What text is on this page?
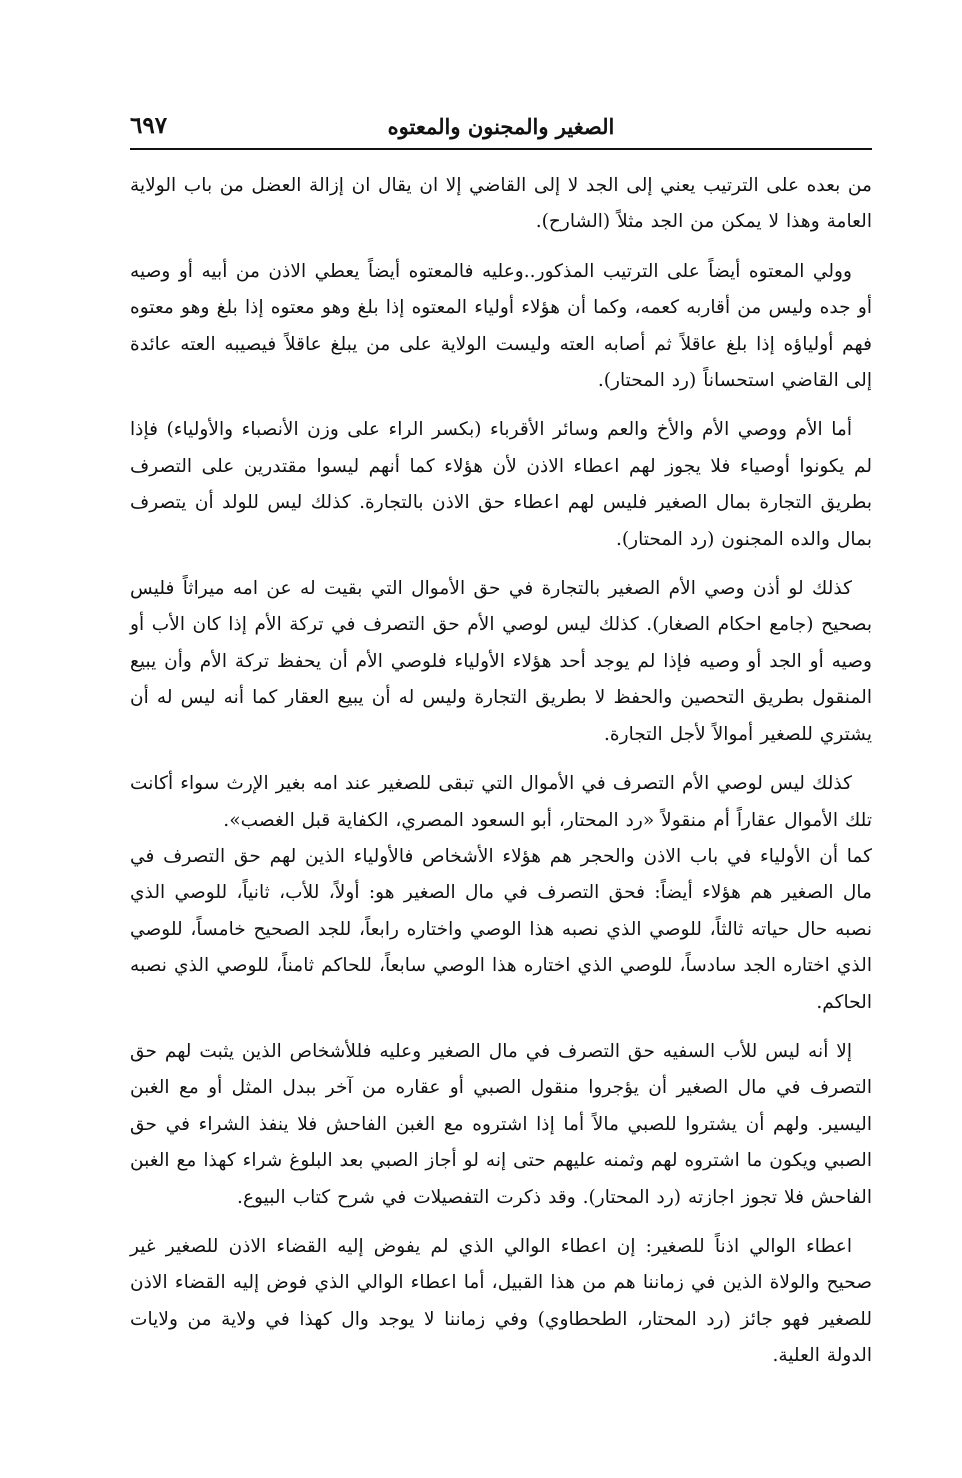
الصغير والمجنون والمعتوه
٦٩٧

من بعده على الترتيب يعني إلى الجد لا إلى القاضي إلا ان يقال ان إزالة العضل من باب الولاية العامة وهذا لا يمكن من الجد مثلاً (الشارح).

وولي المعتوه أيضاً على الترتيب المذكور..وعليه فالمعتوه أيضاً يعطي الاذن من أبيه أو وصيه أو جده وليس من أقاربه كعمه، وكما أن هؤلاء أولياء المعتوه إذا بلغ وهو معتوه إذا بلغ وهو معتوه فهم أولياؤه إذا بلغ عاقلاً ثم أصابه العته وليست الولاية على من يبلغ عاقلاً فيصيبه العته عائدة إلى القاضي استحساناً (رد المحتار).

أما الأم ووصي الأم والأخ والعم وسائر الأقرباء (بكسر الراء على وزن الأنصباء والأولياء) فإذا لم يكونوا أوصياء فلا يجوز لهم اعطاء الاذن لأن هؤلاء كما أنهم ليسوا مقتدرين على التصرف بطريق التجارة بمال الصغير فليس لهم اعطاء حق الاذن بالتجارة. كذلك ليس للولد أن يتصرف بمال والده المجنون (رد المحتار).

كذلك لو أذن وصي الأم الصغير بالتجارة في حق الأموال التي بقيت له عن امه ميراثاً فليس بصحيح (جامع احكام الصغار). كذلك ليس لوصي الأم حق التصرف في تركة الأم إذا كان الأب أو وصيه أو الجد أو وصيه فإذا لم يوجد أحد هؤلاء الأولياء فلوصي الأم أن يحفظ تركة الأم وأن يبيع المنقول بطريق التحصين والحفظ لا بطريق التجارة وليس له أن يبيع العقار كما أنه ليس له أن يشتري للصغير أموالاً لأجل التجارة.

كذلك ليس لوصي الأم التصرف في الأموال التي تبقى للصغير عند امه بغير الإرث سواء أكانت تلك الأموال عقاراً أم منقولاً «رد المحتار، أبو السعود المصري، الكفاية قبل الغصب».

كما أن الأولياء في باب الاذن والحجر هم هؤلاء الأشخاص فالأولياء الذين لهم حق التصرف في مال الصغير هم هؤلاء أيضاً: فحق التصرف في مال الصغير هو: أولاً، للأب، ثانياً، للوصي الذي نصبه حال حياته ثالثاً، للوصي الذي نصبه هذا الوصي واختاره رابعاً، للجد الصحيح خامساً، للوصي الذي اختاره الجد سادساً، للوصي الذي اختاره هذا الوصي سابعاً، للحاكم ثامناً، للوصي الذي نصبه الحاكم.

إلا أنه ليس للأب السفيه حق التصرف في مال الصغير وعليه فللأشخاص الذين يثبت لهم حق التصرف في مال الصغير أن يؤجروا منقول الصبي أو عقاره من آخر ببدل المثل أو مع الغبن اليسير. ولهم أن يشتروا للصبي مالاً أما إذا اشتروه مع الغبن الفاحش فلا ينفذ الشراء في حق الصبي ويكون ما اشتروه لهم وثمنه عليهم حتى إنه لو أجاز الصبي بعد البلوغ شراء كهذا مع الغبن الفاحش فلا تجوز اجازته (رد المحتار). وقد ذكرت التفصيلات في شرح كتاب البيوع.

اعطاء الوالي اذناً للصغير: إن اعطاء الوالي الذي لم يفوض إليه القضاء الاذن للصغير غير صحيح والولاة الذين في زماننا هم من هذا القبيل، أما اعطاء الوالي الذي فوض إليه القضاء الاذن للصغير فهو جائز (رد المحتار، الطحطاوي) وفي زماننا لا يوجد وال كهذا في ولاية من ولايات الدولة العلية.
